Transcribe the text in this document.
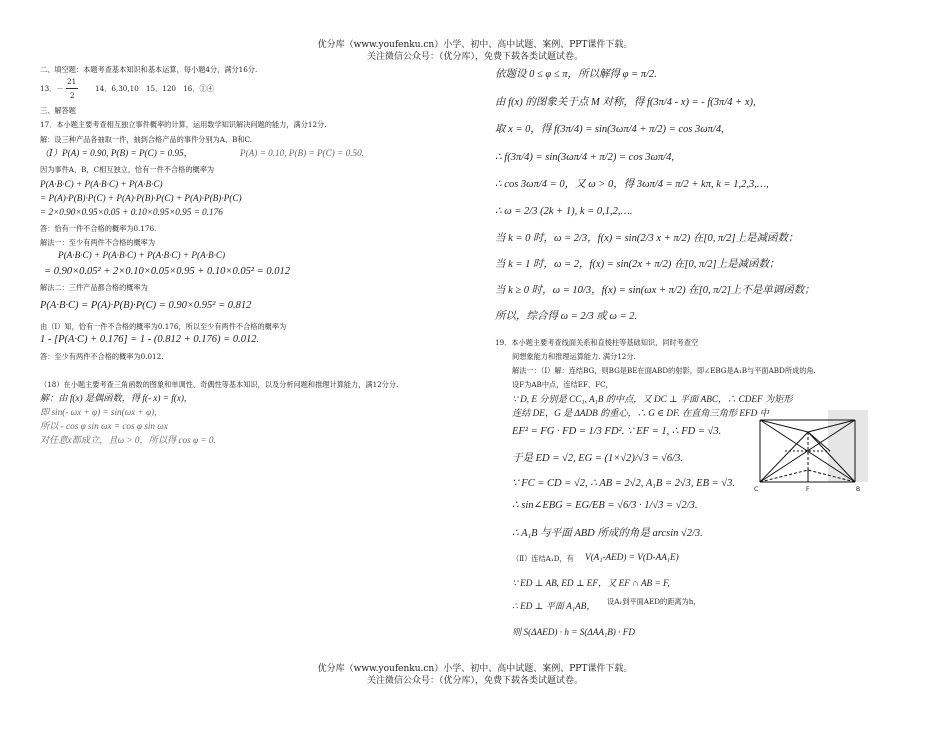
优分库（www.youfenku.cn）小学、初中、高中试题、案例、PPT课件下载。
关注微信公众号：（优分库），免费下载各类试题试卷。
二、填空题：本题考查基本知识和基本运算，每小题4分，满分16分.
13．－
21
2
14．6,30,10　15．120　16．①④
三、解答题
17．本小题主要考查相互独立事件概率的计算，运用数学知识解决问题的能力，满分12分.
解：设三种产品各抽取一件，抽到合格产品的事件分别为A、B和C.
（Ⅰ）P(A) = 0.90, P(B) = P(C) = 0.95，	P(A) = 0.10, P(B) = P(C) = 0.50.
因为事件A，B，C相互独立，恰有一件不合格的概率为
P(A·B·C) + P(A·B·C) + P(A·B·C)
= P(A)·P(B)·P(C) + P(A)·P(B)·P(C) + P(A)·P(B)·P(C)
= 2×0.90×0.95×0.05 + 0.10×0.95×0.95 = 0.176
答：恰有一件不合格的概率为0.176.
解法一：至少有两件不合格的概率为
P(A·B·C) + P(A·B·C) + P(A·B·C) + P(A·B·C)
= 0.90×0.05² + 2×0.10×0.05×0.95 + 0.10×0.05² = 0.012
解法二：三件产品都合格的概率为
P(A·B·C) = P(A)·P(B)·P(C) = 0.90×0.95² = 0.812
由（Ⅰ）知，恰有一件不合格的概率为0.176，所以至少有两件不合格的概率为
1 - [P(A·C) + 0.176] = 1 - (0.812 + 0.176) = 0.012.
答：至少有两件不合格的概率为0.012.
（18）在小题主要考查三角函数的图象和单调性、奇偶性等基本知识，以及分析问题和推理计算能力，满12分分.
解：由 f(x) 是偶函数，得 f(- x) = f(x),
即 sin(- ωx + φ) = sin(ωx + φ),
所以 - cos φ sin ωx = cos φ sin ωx
对任意x都成立，且ω > 0，所以得 cos φ = 0.
依题设 0 ≤ φ ≤ π，所以解得 φ = π/2.
由 f(x) 的图象关于点 M 对称，得 f(3π/4 - x) = - f(3π/4 + x),
取 x = 0，得 f(3π/4) = sin(3ωπ/4 + π/2) = cos 3ωπ/4,
∴ f(3π/4) = sin(3ωπ/4 + π/2) = cos 3ωπ/4,
∴ cos 3ωπ/4 = 0，又 ω > 0，得 3ωπ/4 = π/2 + kπ, k = 1,2,3,…,
∴ ω = 2/3 (2k + 1), k = 0,1,2,….
当 k = 0 时，ω = 2/3，f(x) = sin(2/3 x + π/2) 在[0, π/2]上是减函数；
当 k = 1 时，ω = 2，f(x) = sin(2x + π/2) 在[0, π/2]上是减函数；
当 k ≥ 0 时，ω = 10/3，f(x) = sin(ωx + π/2) 在[0, π/2]上不是单调函数；
所以，综合得 ω = 2/3 或 ω = 2.
19．本小题主要考查线面关系和直棱柱等基础知识，同时考查空
间想象能力和推理运算能力. 满分12分.
解法一：（Ⅰ）解：连结BG，则BG是BE在面ABD的射影，即∠EBG是A₁B与平面ABD所成的角.
设F为AB中点，连结EF、FC，
∵ D, E 分别是 CC₁, A₁B 的中点，又 DC ⊥ 平面 ABC，∴ CDEF 为矩形
连结 DE，G 是 ΔADB 的重心，∴ G ∈ DF. 在直角三角形 EFD 中
EF² = FG · FD = 1/3 FD². ∵ EF = 1, ∴ FD = √3.
于是 ED = √2, EG = (1×√2)/√3 = √6/3.
∵ FC = CD = √2, ∴ AB = 2√2, A₁B = 2√3, EB = √3.
∴ sin∠EBG = EG/EB = √6/3 · 1/√3 = √2/3.
∴ A₁B 与平面 ABD 所成的角是 arcsin √2/3.
（Ⅱ）连结A₁D，有 V(A₁-AED) = V(D-AA₁E)
∵ ED ⊥ AB, ED ⊥ EF，又 EF ∩ AB = F,
∴ ED ⊥ 平面 A₁AB， 设A₁到平面AED的距离为h，
则 S(ΔAED) · h = S(ΔAA₁B) · FD
C	F	B
优分库（www.youfenku.cn）小学、初中、高中试题、案例、PPT课件下载。
关注微信公众号：（优分库），免费下载各类试题试卷。
